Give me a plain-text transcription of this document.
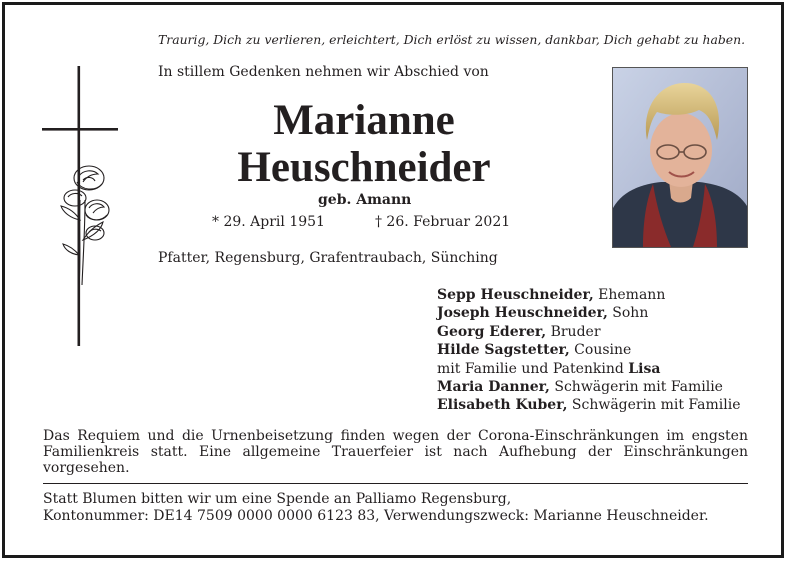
Traurig, Dich zu verlieren, erleichtert, Dich erlöst zu wissen, dankbar, Dich gehabt zu haben.
In stillem Gedenken nehmen wir Abschied von
Marianne
Heuschneider
geb. Amann
* 29. April 1951	† 26. Februar 2021
Pfatter, Regensburg, Grafentraubach, Sünching
Sepp Heuschneider, Ehemann
Joseph Heuschneider, Sohn
Georg Ederer, Bruder
Hilde Sagstetter, Cousine
mit Familie und Patenkind Lisa
Maria Danner, Schwägerin mit Familie
Elisabeth Kuber, Schwägerin mit Familie
Das Requiem und die Urnenbeisetzung finden wegen der Corona-Einschränkungen im engsten Familienkreis statt. Eine allgemeine Trauerfeier ist nach Aufhebung der Einschränkungen vorgesehen.
Statt Blumen bitten wir um eine Spende an Palliamo Regensburg,
Kontonummer: DE14 7509 0000 0000 6123 83, Verwendungszweck: Marianne Heuschneider.
